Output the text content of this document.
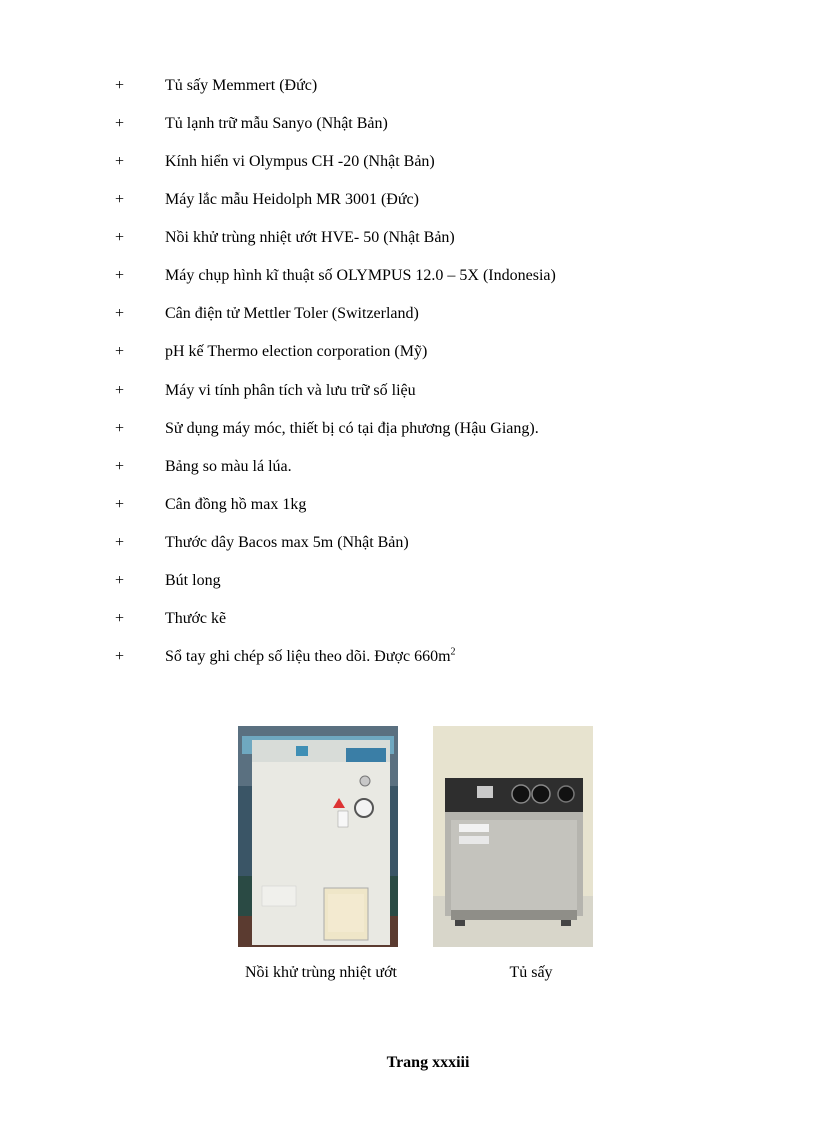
+	Tủ sấy Memmert (Đức)
+	Tủ lạnh trữ mẫu Sanyo (Nhật Bản)
+	Kính hiển vi Olympus CH -20 (Nhật Bản)
+	Máy lắc mẫu Heidolph MR 3001 (Đức)
+	Nồi khử trùng nhiệt ướt HVE- 50 (Nhật Bản)
+	Máy chụp hình kĩ thuật số OLYMPUS 12.0 – 5X (Indonesia)
+	Cân điện tử Mettler Toler (Switzerland)
+	pH kế Thermo election corporation (Mỹ)
+	Máy vi tính phân tích và lưu trữ số liệu
+	Sử dụng máy móc, thiết bị có tại địa phương (Hậu Giang).
+	Bảng so màu lá lúa.
+	Cân đồng hồ max 1kg
+	Thước dây Bacos max 5m (Nhật Bản)
+	Bút long
+	Thước kẽ
+	Sổ tay ghi chép số liệu theo dõi. Được $660m^2$
Nồi khử trùng nhiệt ướt	Tủ sấy
Trang xxxiii
